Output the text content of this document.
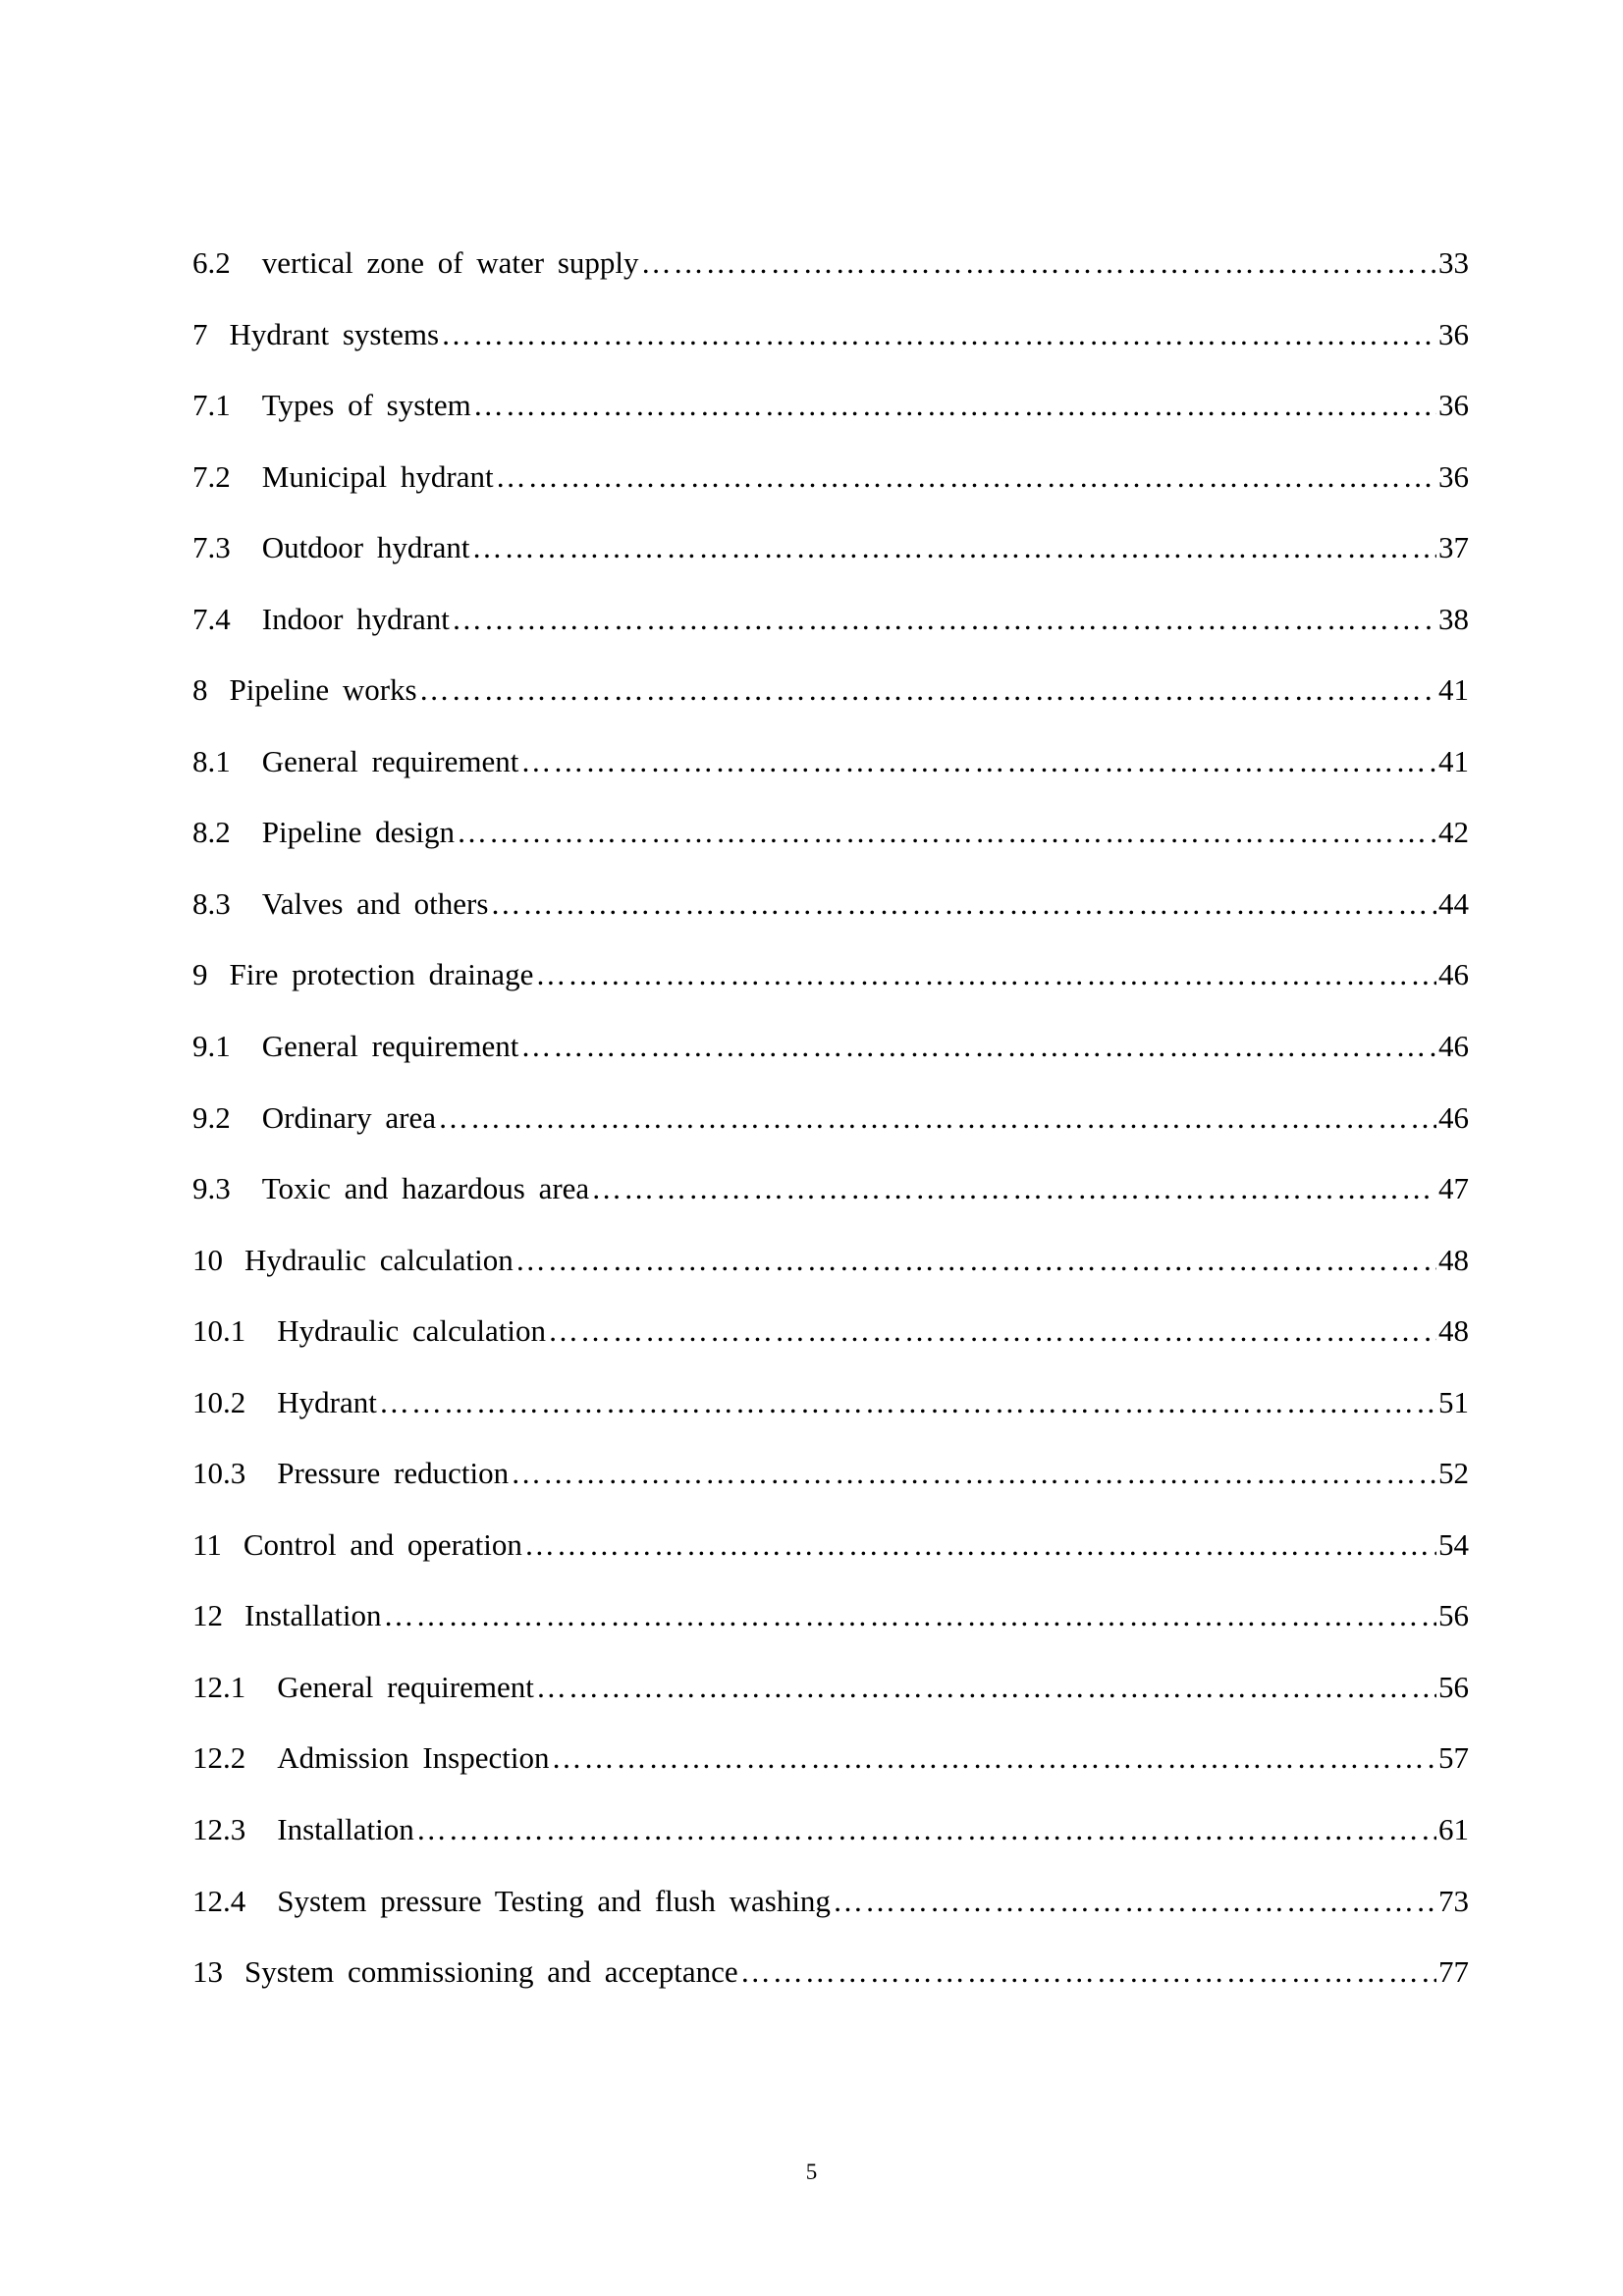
6.2 vertical zone of water supply ……………………………………………………………………………………………………………………………………………………………	33
7 Hydrant systems ……………………………………………………………………………………………………………………………………………………………	36
7.1 Types of system ……………………………………………………………………………………………………………………………………………………………	36
7.2 Municipal hydrant ……………………………………………………………………………………………………………………………………………………………	36
7.3 Outdoor hydrant ……………………………………………………………………………………………………………………………………………………………	37
7.4 Indoor hydrant ……………………………………………………………………………………………………………………………………………………………	38
8 Pipeline works ……………………………………………………………………………………………………………………………………………………………	41
8.1 General requirement ……………………………………………………………………………………………………………………………………………………………	41
8.2 Pipeline design ……………………………………………………………………………………………………………………………………………………………	42
8.3 Valves and others ……………………………………………………………………………………………………………………………………………………………	44
9 Fire protection drainage ……………………………………………………………………………………………………………………………………………………………	46
9.1 General requirement ……………………………………………………………………………………………………………………………………………………………	46
9.2 Ordinary area ……………………………………………………………………………………………………………………………………………………………	46
9.3 Toxic and hazardous area ……………………………………………………………………………………………………………………………………………………………	47
10 Hydraulic calculation ……………………………………………………………………………………………………………………………………………………………	48
10.1 Hydraulic calculation ……………………………………………………………………………………………………………………………………………………………	48
10.2 Hydrant ……………………………………………………………………………………………………………………………………………………………	51
10.3 Pressure reduction ……………………………………………………………………………………………………………………………………………………………	52
11 Control and operation ……………………………………………………………………………………………………………………………………………………………	54
12 Installation ……………………………………………………………………………………………………………………………………………………………	56
12.1 General requirement ……………………………………………………………………………………………………………………………………………………………	56
12.2 Admission Inspection ……………………………………………………………………………………………………………………………………………………………	57
12.3 Installation ……………………………………………………………………………………………………………………………………………………………	61
12.4 System pressure Testing and flush washing ……………………………………………………………………………………………………………………………………………………………	73
13 System commissioning and acceptance ……………………………………………………………………………………………………………………………………………………………	77
5
